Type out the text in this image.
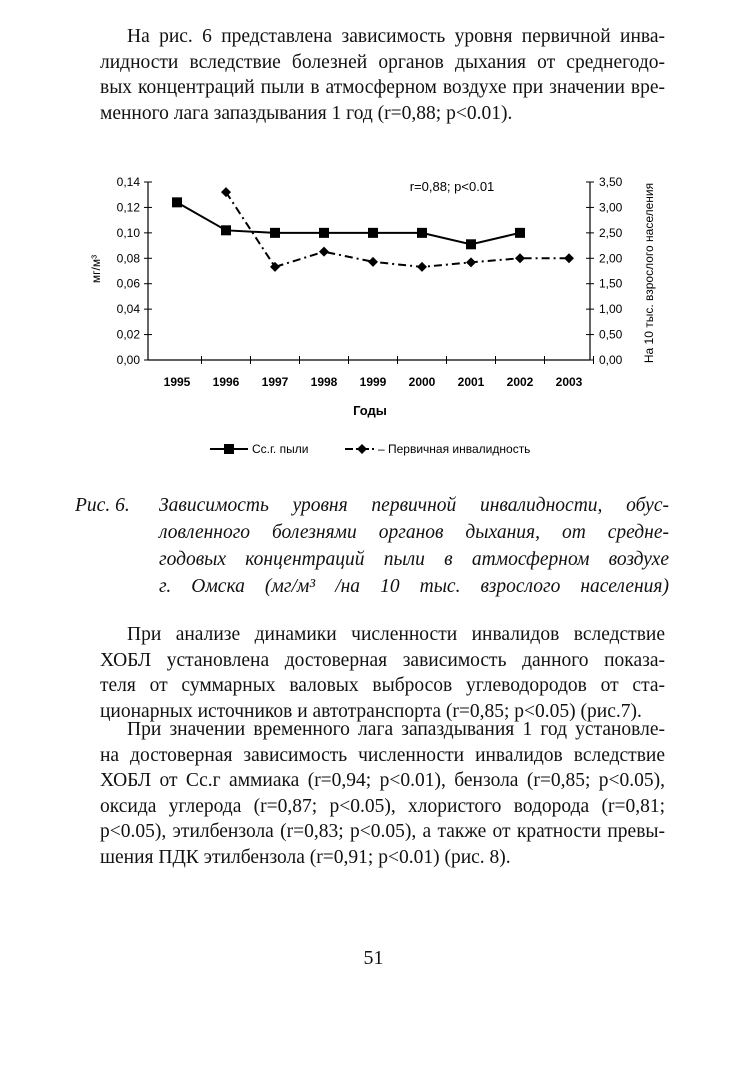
На рис. 6 представлена зависимость уровня первичной инва-
лидности вследствие болезней органов дыхания от среднегодо-
вых концентраций пыли в атмосферном воздухе при значении вре-
менного лага запаздывания 1 год (r=0,88; p<0.01).
0,00	0,00
0,02	0,50
0,04	1,00
0,06	1,50
0,08	2,00
0,10	2,50
0,12	3,00
0,14	3,50
1995 1996 1997 1998 1999 2000 2001 2002 2003
r=0,88; p<0.01
Годы
мг/м³	На 10 тыс. взрослого населения
Сс.г. пыли	– Первичная инвалидность
Рис. 6. Зависимость уровня первичной инвалидности, обус-
ловленного болезнями органов дыхания, от средне-
годовых концентраций пыли в атмосферном воздухе
г. Омска (мг/м³ /на 10 тыс. взрослого населения)
При анализе динамики численности инвалидов вследствие
ХОБЛ установлена достоверная зависимость данного показа-
теля от суммарных валовых выбросов углеводородов от ста-
ционарных источников и автотранспорта (r=0,85; p<0.05) (рис.7).
При значении временного лага запаздывания 1 год установле-
на достоверная зависимость численности инвалидов вследствие
ХОБЛ от Сс.г аммиака (r=0,94; p<0.01), бензола (r=0,85; p<0.05),
оксида углерода (r=0,87; p<0.05), хлористого водорода (r=0,81;
p<0.05), этилбензола (r=0,83; p<0.05), а также от кратности превы-
шения ПДК этилбензола (r=0,91; p<0.01) (рис. 8).
51
